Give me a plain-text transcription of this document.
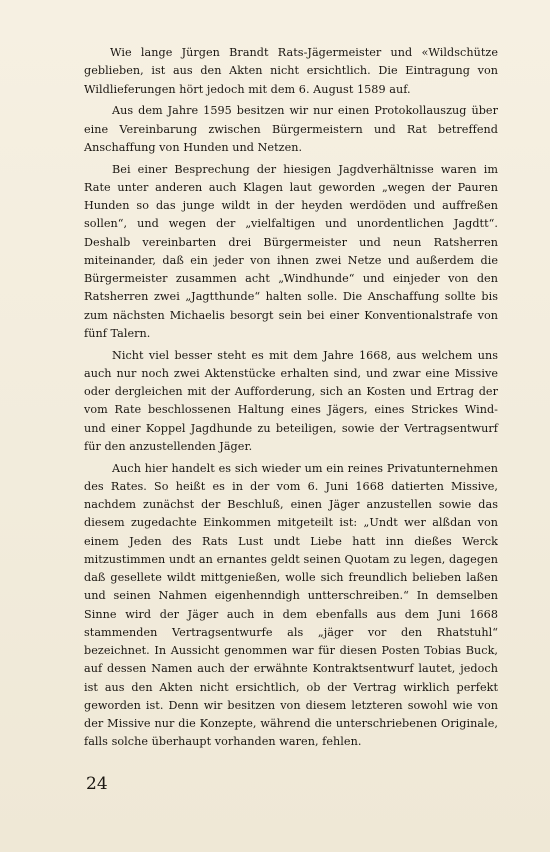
Wie lange Jürgen Brandt Rats-Jägermeister und «Wildschütze geblieben, ist aus den Akten nicht ersichtlich. Die Eintragung von Wildlieferungen hört jedoch mit dem 6. August 1589 auf.

Aus dem Jahre 1595 besitzen wir nur einen Protokollauszug über eine Vereinbarung zwischen Bürgermeistern und Rat betreffend Anschaffung von Hunden und Netzen.

Bei einer Besprechung der hiesigen Jagdverhältnisse waren im Rate unter anderen auch Klagen laut geworden „wegen der Pauren Hunden so das junge wildt in der heyden werdöden und auffreßen sollen“, und wegen der „vielfaltigen und unordentlichen Jagdtt“. Deshalb vereinbarten drei Bürgermeister und neun Ratsherren miteinander, daß ein jeder von ihnen zwei Netze und außerdem die Bürgermeister zusammen acht „Windhunde“ und einjeder von den Ratsherren zwei „Jagtthunde“ halten solle. Die Anschaffung sollte bis zum nächsten Michaelis besorgt sein bei einer Konventionalstrafe von fünf Talern.

Nicht viel besser steht es mit dem Jahre 1668, aus welchem uns auch nur noch zwei Aktenstücke erhalten sind, und zwar eine Missive oder dergleichen mit der Aufforderung, sich an Kosten und Ertrag der vom Rate beschlossenen Haltung eines Jägers, eines Strickes Wind- und einer Koppel Jagdhunde zu beteiligen, sowie der Vertragsentwurf für den anzustellenden Jäger.

Auch hier handelt es sich wieder um ein reines Privatunternehmen des Rates. So heißt es in der vom 6. Juni 1668 datierten Missive, nachdem zunächst der Beschluß, einen Jäger anzustellen sowie das diesem zugedachte Einkommen mitgeteilt ist: „Undt wer alßdan von einem Jeden des Rats Lust undt Liebe hatt inn dießes Werck mitzustimmen undt an ernantes geldt seinen Quotam zu legen, dagegen daß gesellete wildt mittgenießen, wolle sich freundlich belieben laßen und seinen Nahmen eigenhenndigh untterschreiben.“ In demselben Sinne wird der Jäger auch in dem ebenfalls aus dem Juni 1668 stammenden Vertragsentwurfe als „jäger vor den Rhatstuhl“ bezeichnet. In Aussicht genommen war für diesen Posten Tobias Buck, auf dessen Namen auch der erwähnte Kontraktsentwurf lautet, jedoch ist aus den Akten nicht ersichtlich, ob der Vertrag wirklich perfekt geworden ist. Denn wir besitzen von diesem letzteren sowohl wie von der Missive nur die Konzepte, während die unterschriebenen Originale, falls solche überhaupt vorhanden waren, fehlen.

24
